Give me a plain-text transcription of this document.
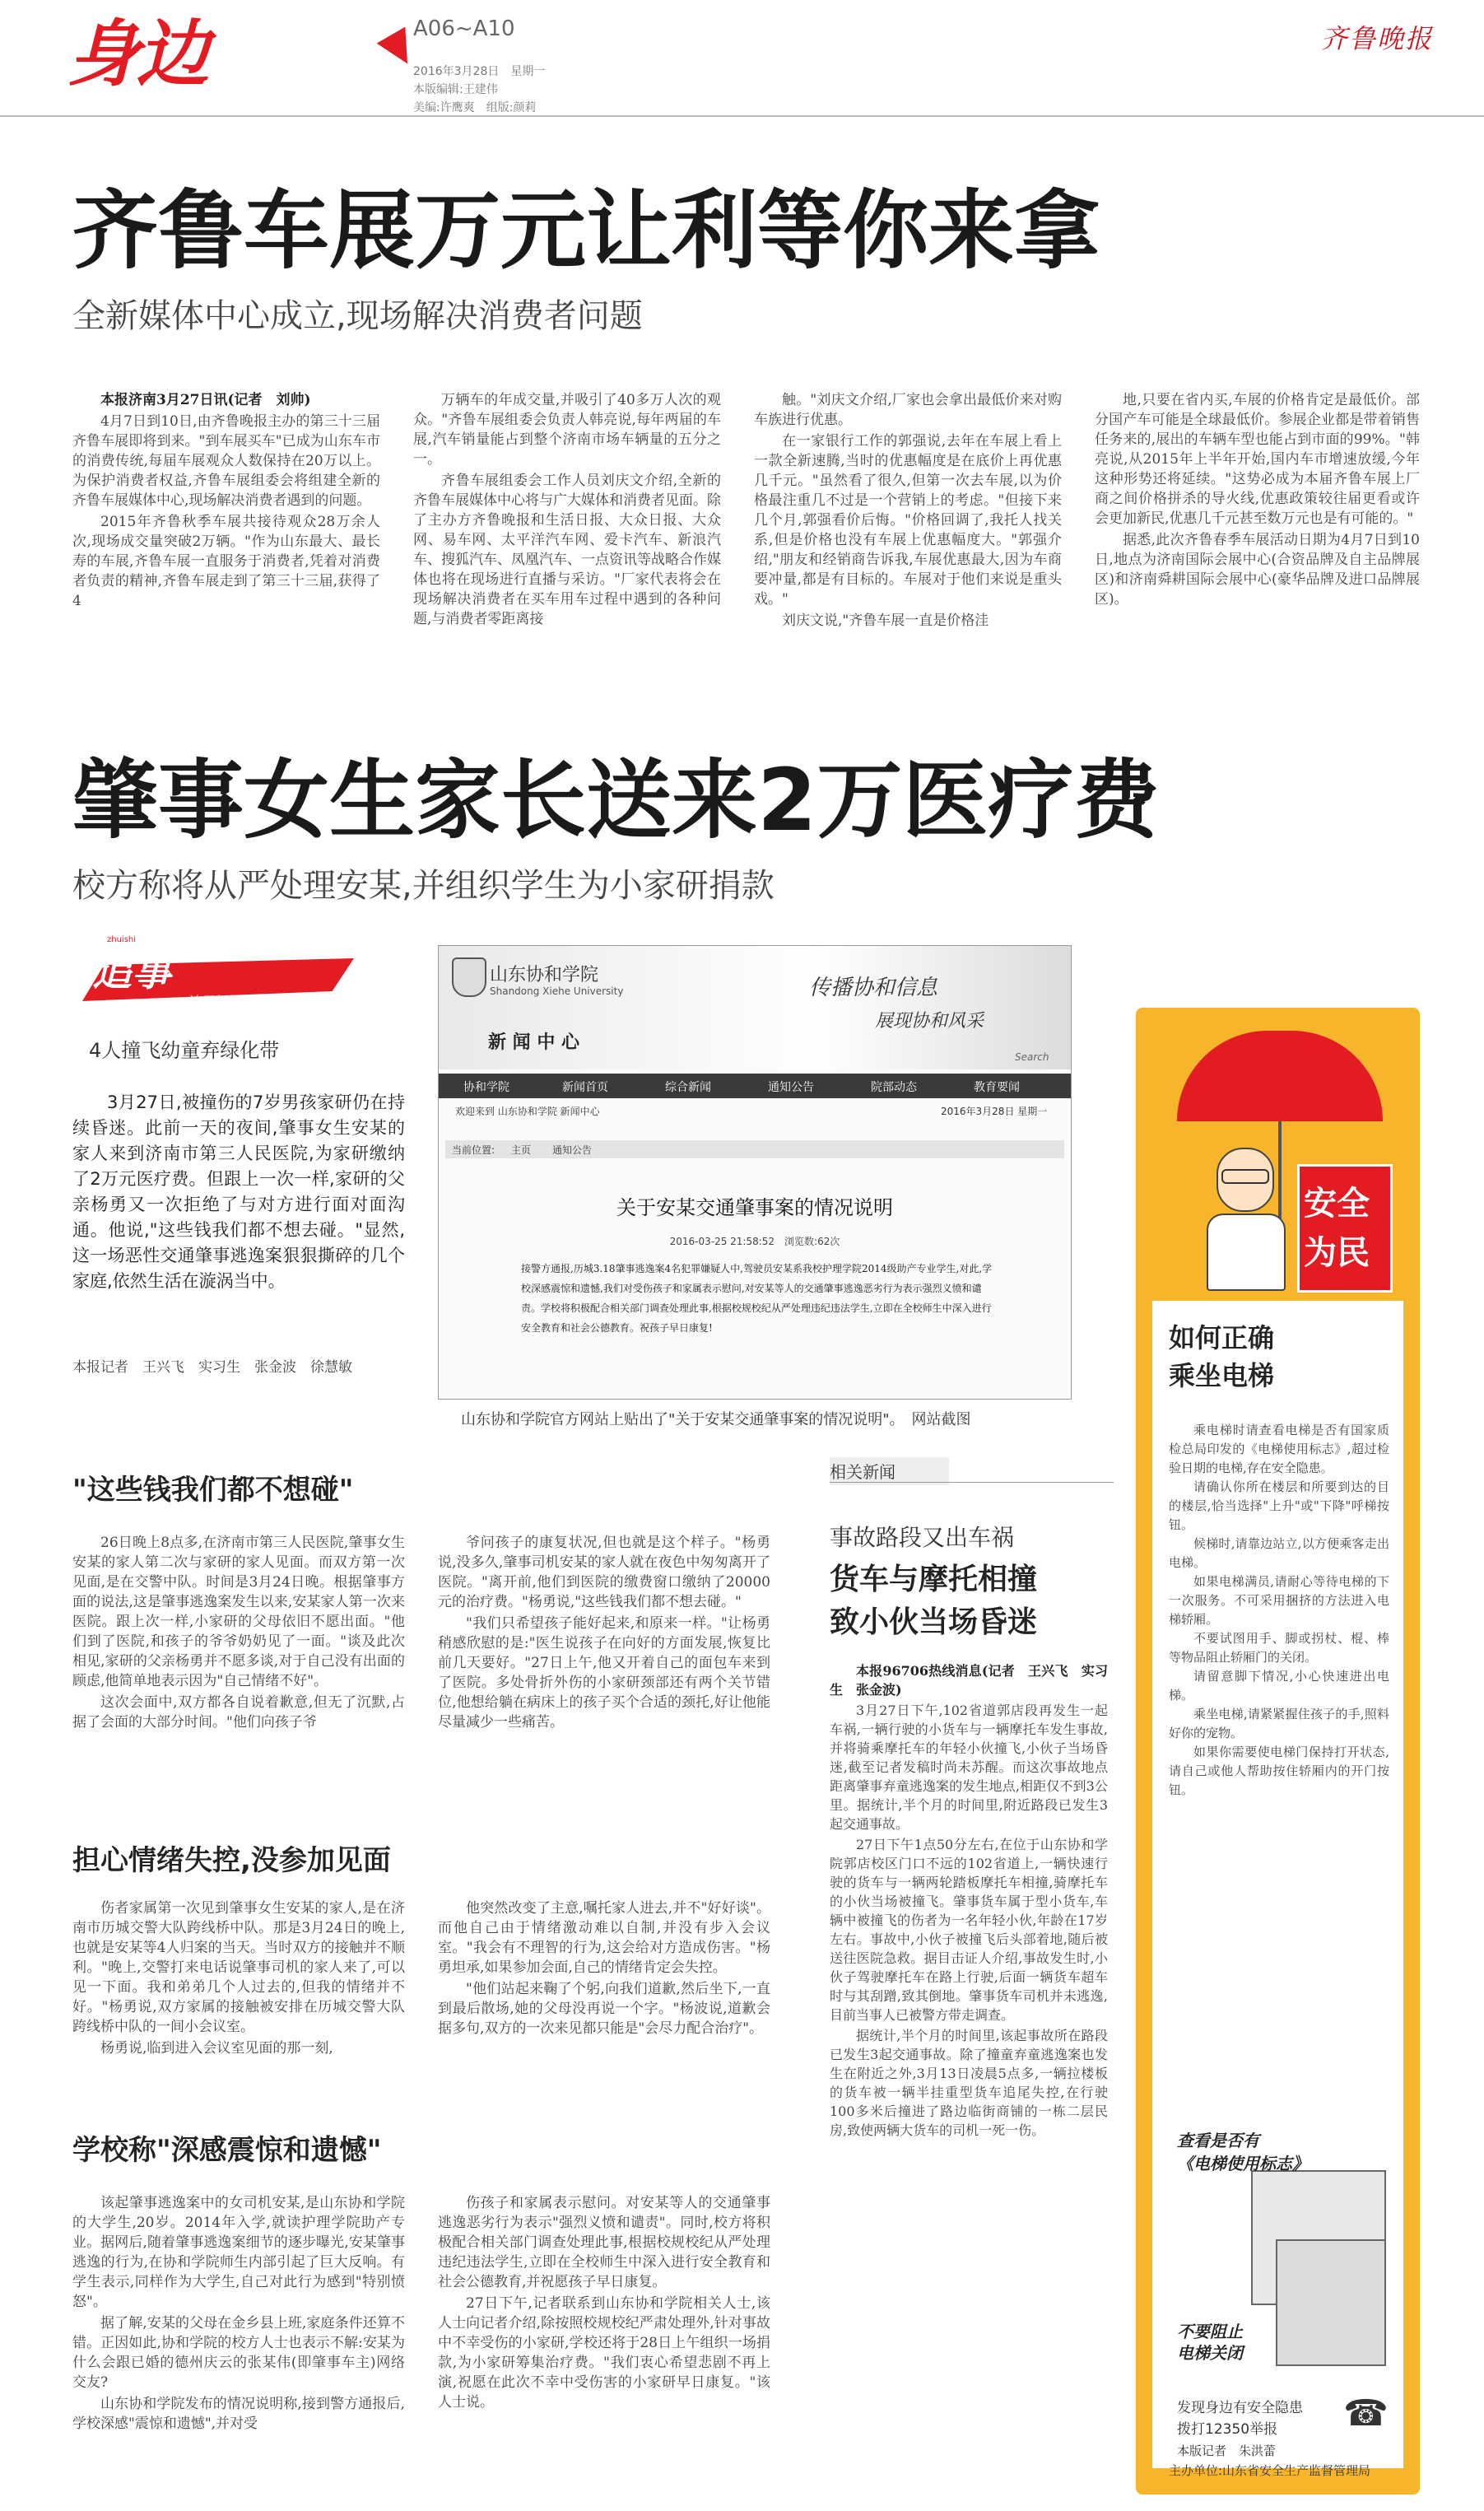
身边	A06~A10
2016年3月28日　星期一
本版编辑:王建伟
美编:许鹰爽　组版:颜莉
齐鲁晚报
齐鲁车展万元让利等你来拿
全新媒体中心成立,现场解决消费者问题

本报济南3月27日讯(记者　刘帅)

4月7日到10日,由齐鲁晚报主办的第三十三届齐鲁车展即将到来。"到车展买车"已成为山东车市的消费传统,每届车展观众人数保持在20万以上。为保护消费者权益,齐鲁车展组委会将组建全新的齐鲁车展媒体中心,现场解决消费者遇到的问题。

2015年齐鲁秋季车展共接待观众28万余人次,现场成交量突破2万辆。"作为山东最大、最长寿的车展,齐鲁车展一直服务于消费者,凭着对消费者负责的精神,齐鲁车展走到了第三十三届,获得了4

万辆车的年成交量,并吸引了40多万人次的观众。"齐鲁车展组委会负责人韩亮说,每年两届的车展,汽车销量能占到整个济南市场车辆量的五分之一。

齐鲁车展组委会工作人员刘庆文介绍,全新的齐鲁车展媒体中心将与广大媒体和消费者见面。除了主办方齐鲁晚报和生活日报、大众日报、大众网、易车网、太平洋汽车网、爱卡汽车、新浪汽车、搜狐汽车、凤凰汽车、一点资讯等战略合作媒体也将在现场进行直播与采访。"厂家代表将会在现场解决消费者在买车用车过程中遇到的各种问题,与消费者零距离接

触。"刘庆文介绍,厂家也会拿出最低价来对购车族进行优惠。

在一家银行工作的郭强说,去年在车展上看上一款全新速腾,当时的优惠幅度是在底价上再优惠几千元。"虽然看了很久,但第一次去车展,以为价格最注重几不过是一个营销上的考虑。"但接下来几个月,郭强看价后悔。"价格回调了,我托人找关系,但是价格也没有车展上优惠幅度大。"郭强介绍,"朋友和经销商告诉我,车展优惠最大,因为车商要冲量,都是有目标的。车展对于他们来说是重头戏。"

刘庆文说,"齐鲁车展一直是价格洼

地,只要在省内买,车展的价格肯定是最低价。部分国产车可能是全球最低价。参展企业都是带着销售任务来的,展出的车辆车型也能占到市面的99%。"韩亮说,从2015年上半年开始,国内车市增速放缓,今年这种形势还将延续。"这势必成为本届齐鲁车展上厂商之间价格拼杀的导火线,优惠政策较往届更看或许会更加新民,优惠几千元甚至数万元也是有可能的。"

据悉,此次齐鲁春季车展活动日期为4月7日到10日,地点为济南国际会展中心(合资品牌及自主品牌展区)和济南舜耕国际会展中心(豪华品牌及进口品牌展区)。

肇事女生家长送来2万医疗费
校方称将从严处理安某,并组织学生为小家研捐款
追事
zhuishi
追寻新闻尽头
4人撞飞幼童弃绿化带
3月27日,被撞伤的7岁男孩家研仍在持续昏迷。此前一天的夜间,肇事女生安某的家人来到济南市第三人民医院,为家研缴纳了2万元医疗费。但跟上一次一样,家研的父亲杨勇又一次拒绝了与对方进行面对面沟通。他说,"这些钱我们都不想去碰。"显然,这一场恶性交通肇事逃逸案狠狠撕碎的几个家庭,依然生活在漩涡当中。
本报记者　王兴飞　实习生　张金波　徐慧敏
山东协和学院
Shandong Xiehe University	传播协和信息
展现协和风采
新 闻 中 心
Search
协和学院	新闻首页	综合新闻	通知公告	院部动态	教育要闻
欢迎来到 山东协和学院 新闻中心	2016年3月28日 星期一
当前位置: 主页 通知公告
关于安某交通肇事案的情况说明
2016-03-25 21:58:52　浏览数:62次
接警方通报,历城3.18肇事逃逸案4名犯罪嫌疑人中,驾驶员安某系我校护理学院2014级助产专业学生,对此,学校深感震惊和遗憾,我们对受伤孩子和家属表示慰问,对安某等人的交通肇事逃逸恶劣行为表示强烈义愤和谴责。学校将积极配合相关部门调查处理此事,根据校规校纪从严处理违纪违法学生,立即在全校师生中深入进行安全教育和社会公德教育。祝孩子早日康复!
山东协和学院官方网站上贴出了"关于安某交通肇事案的情况说明"。　网站截图
"这些钱我们都不想碰"

26日晚上8点多,在济南市第三人民医院,肇事女生安某的家人第二次与家研的家人见面。而双方第一次见面,是在交警中队。时间是3月24日晚。根据肇事方面的说法,这是肇事逃逸案发生以来,安某家人第一次来医院。跟上次一样,小家研的父母依旧不愿出面。"他们到了医院,和孩子的爷爷奶奶见了一面。"谈及此次相见,家研的父亲杨勇并不愿多谈,对于自己没有出面的顾虑,他简单地表示因为"自己情绪不好"。

这次会面中,双方都各自说着歉意,但无了沉默,占据了会面的大部分时间。"他们向孩子爷

爷问孩子的康复状况,但也就是这个样子。"杨勇说,没多久,肇事司机安某的家人就在夜色中匆匆离开了医院。"离开前,他们到医院的缴费窗口缴纳了20000元的治疗费。"杨勇说,"这些钱我们都不想去碰。"

"我们只希望孩子能好起来,和原来一样。"让杨勇稍感欣慰的是:"医生说孩子在向好的方面发展,恢复比前几天要好。"27日上午,他又开着自己的面包车来到了医院。多处骨折外伤的小家研颈部还有两个关节错位,他想给躺在病床上的孩子买个合适的颈托,好让他能尽量减少一些痛苦。

担心情绪失控,没参加见面

伤者家属第一次见到肇事女生安某的家人,是在济南市历城交警大队跨线桥中队。那是3月24日的晚上,也就是安某等4人归案的当天。当时双方的接触并不顺利。"晚上,交警打来电话说肇事司机的家人来了,可以见一下面。我和弟弟几个人过去的,但我的情绪并不好。"杨勇说,双方家属的接触被安排在历城交警大队跨线桥中队的一间小会议室。

杨勇说,临到进入会议室见面的那一刻,

他突然改变了主意,嘱托家人进去,并不"好好谈"。而他自己由于情绪激动难以自制,并没有步入会议室。"我会有不理智的行为,这会给对方造成伤害。"杨勇坦承,如果参加会面,自己的情绪肯定会失控。

"他们站起来鞠了个躬,向我们道歉,然后坐下,一直到最后散场,她的父母没再说一个字。"杨波说,道歉会据多句,双方的一次来见都只能是"会尽力配合治疗"。

学校称"深感震惊和遗憾"

该起肇事逃逸案中的女司机安某,是山东协和学院的大学生,20岁。2014年入学,就读护理学院助产专业。据网后,随着肇事逃逸案细节的逐步曝光,安某肇事逃逸的行为,在协和学院师生内部引起了巨大反响。有学生表示,同样作为大学生,自己对此行为感到"特别愤怒"。

据了解,安某的父母在金乡县上班,家庭条件还算不错。正因如此,协和学院的校方人士也表示不解:安某为什么会跟已婚的德州庆云的张某伟(即肇事车主)网络交友?

山东协和学院发布的情况说明称,接到警方通报后,学校深感"震惊和遗憾",并对受

伤孩子和家属表示慰问。对安某等人的交通肇事逃逸恶劣行为表示"强烈义愤和谴责"。同时,校方将积极配合相关部门调查处理此事,根据校规校纪从严处理违纪违法学生,立即在全校师生中深入进行安全教育和社会公德教育,并祝愿孩子早日康复。

27日下午,记者联系到山东协和学院相关人士,该人士向记者介绍,除按照校规校纪严肃处理外,针对事故中不幸受伤的小家研,学校还将于28日上午组织一场捐款,为小家研筹集治疗费。"我们衷心希望悲剧不再上演,祝愿在此次不幸中受伤害的小家研早日康复。"该人士说。

相关新闻
事故路段又出车祸
货车与摩托相撞
致小伙当场昏迷

本报96706热线消息(记者　王兴飞　实习生　张金波)

3月27日下午,102省道郭店段再发生一起车祸,一辆行驶的小货车与一辆摩托车发生事故,并将骑乘摩托车的年轻小伙撞飞,小伙子当场昏迷,截至记者发稿时尚未苏醒。而这次事故地点距离肇事弃童逃逸案的发生地点,相距仅不到3公里。据统计,半个月的时间里,附近路段已发生3起交通事故。

27日下午1点50分左右,在位于山东协和学院郭店校区门口不远的102省道上,一辆快速行驶的货车与一辆两轮踏板摩托车相撞,骑摩托车的小伙当场被撞飞。肇事货车属于型小货车,车辆中被撞飞的伤者为一名年轻小伙,年龄在17岁左右。事故中,小伙子被撞飞后头部着地,随后被送往医院急救。据目击证人介绍,事故发生时,小伙子驾驶摩托车在路上行驶,后面一辆货车超车时与其刮蹭,致其倒地。肇事货车司机并未逃逸,目前当事人已被警方带走调查。

据统计,半个月的时间里,该起事故所在路段已发生3起交通事故。除了撞童弃童逃逸案也发生在附近之外,3月13日凌晨5点多,一辆拉楼板的货车被一辆半挂重型货车追尾失控,在行驶100多米后撞进了路边临街商铺的一栋二层民房,致使两辆大货车的司机一死一伤。

安全
为民
如何正确
乘坐电梯

乘电梯时请查看电梯是否有国家质检总局印发的《电梯使用标志》,超过检验日期的电梯,存在安全隐患。

请确认你所在楼层和所要到达的目的楼层,恰当选择"上升"或"下降"呼梯按钮。

候梯时,请靠边站立,以方便乘客走出电梯。

如果电梯满员,请耐心等待电梯的下一次服务。不可采用捆挤的方法进入电梯轿厢。

不要试图用手、脚或拐杖、棍、棒等物品阻止轿厢门的关闭。

请留意脚下情况,小心快速进出电梯。

乘坐电梯,请紧紧握住孩子的手,照料好你的宠物。

如果你需要使电梯门保持打开状态,请自己或他人帮助按住轿厢内的开门按钮。

查看是否有
《电梯使用标志》
不要阻止
电梯关闭
☎
发现身边有安全隐患
拨打12350举报
本版记者　朱洪蕾
主办单位:山东省安全生产监督管理局
